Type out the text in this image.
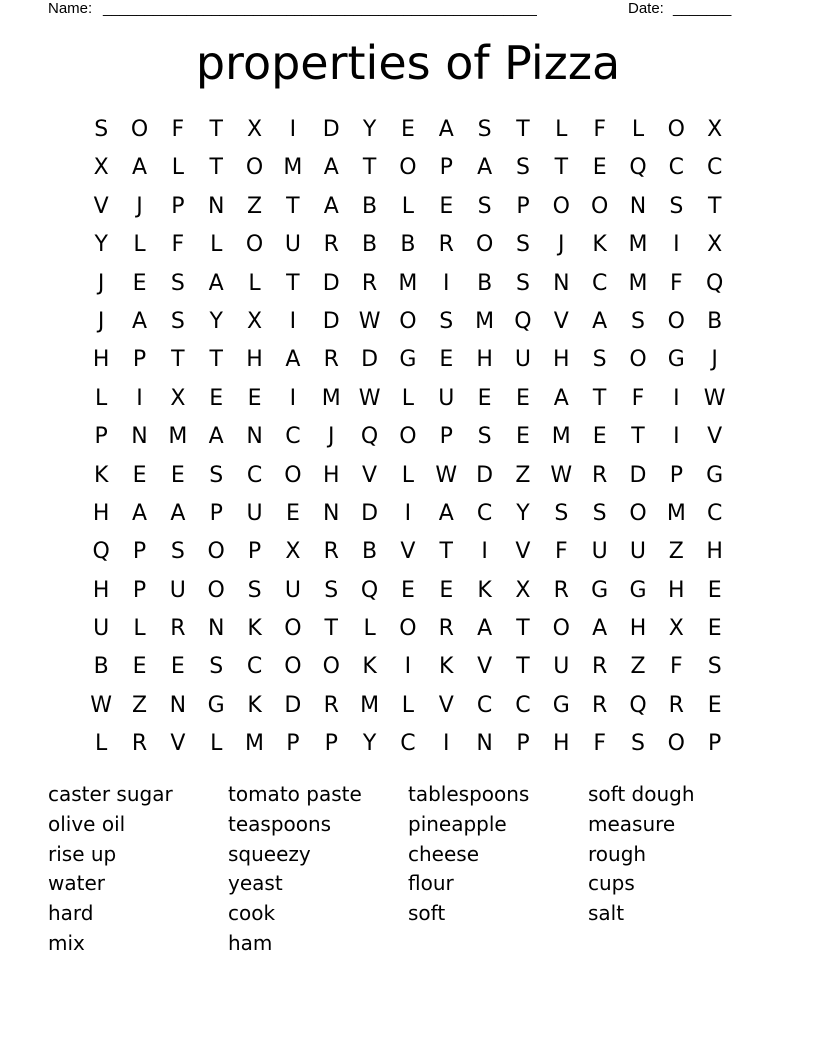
Name: ____________________________________________________	Date: _______
properties of Pizza
S	O	F	T	X	I	D	Y	E	A	S	T	L	F	L	O	X
X	A	L	T	O M A	T	O	P	A	S	T	E	Q	C	C
V	J	P	N	Z	T	A	B	L	E	S	P	O O N	S	T
Y	L	F	L	O U	R	B	B	R	O	S	J	K M	I	X
J	E	S	A	L	T	D	R M	I	B	S	N	C M	F	Q
J	A	S	Y	X	I	D W O	S M Q	V	A	S	O	B
H	P	T	T	H	A	R	D G	E	H	U	H	S	O G	J
L	I	X	E	E	I	M W L	U	E	E	A	T	F	I	W
P	N M A	N	C	J	Q O	P	S	E M E	T	I	V
K	E	E	S	C O H	V	L W D	Z W R	D	P	G
H	A	A	P	U	E	N D	I	A	C	Y	S	S	O M C
Q	P	S	O	P	X	R	B	V	T	I	V	F	U	U	Z	H
H	P	U O	S	U	S	Q	E	E	K	X	R	G G H	E
U	L	R	N	K	O	T	L	O	R	A	T	O	A	H	X	E
B	E	E	S	C O O	K	I	K	V	T	U	R	Z	F	S
W Z	N G	K	D	R M	L	V	C	C	G	R	Q	R	E
L	R	V	L	M	P	P	Y	C	I	N	P	H	F	S	O	P
caster sugar	tomato paste	tablespoons	soft dough
olive oil	teaspoons	pineapple	measure
rise up	squeezy	cheese	rough
water	yeast	flour	cups
hard	cook	soft	salt
mix	ham
